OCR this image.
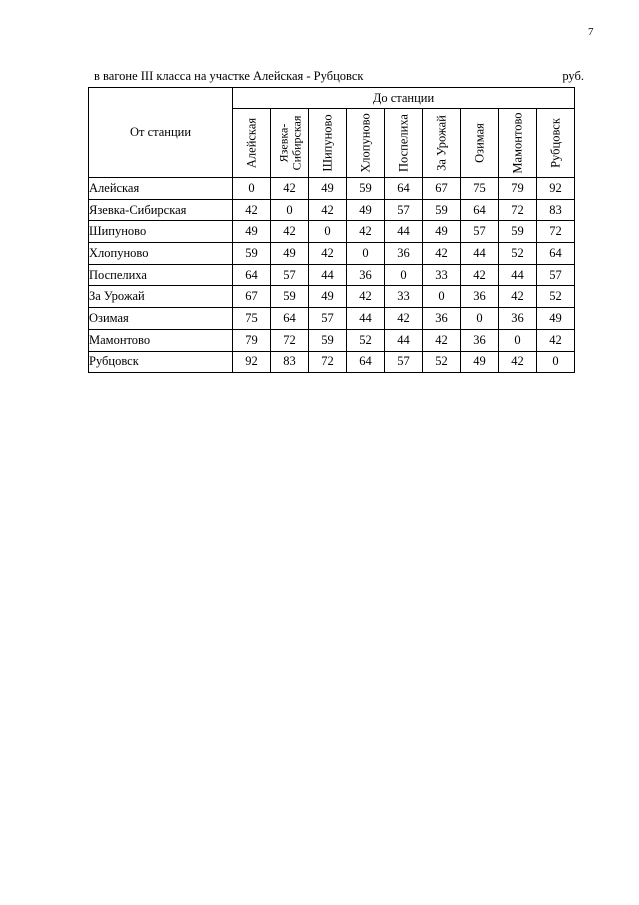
7
в вагоне III класса на участке Алейская - Рубцовск	руб.
От станции	До станции								

	Алейская	Язевка-
Сибирская	Шипуново	Хлопуново	Поспелиха	За Урожай	Озимая	Мамонтово	Рубцовск

Алейская	0	42	49	59	64	67	75	79	92
Язевка-Сибирская	42	0	42	49	57	59	64	72	83
Шипуново	49	42	0	42	44	49	57	59	72
Хлопуново	59	49	42	0	36	42	44	52	64
Поспелиха	64	57	44	36	0	33	42	44	57
За Урожай	67	59	49	42	33	0	36	42	52
Озимая	75	64	57	44	42	36	0	36	49
Мамонтово	79	72	59	52	44	42	36	0	42
Рубцовск	92	83	72	64	57	52	49	42	0
